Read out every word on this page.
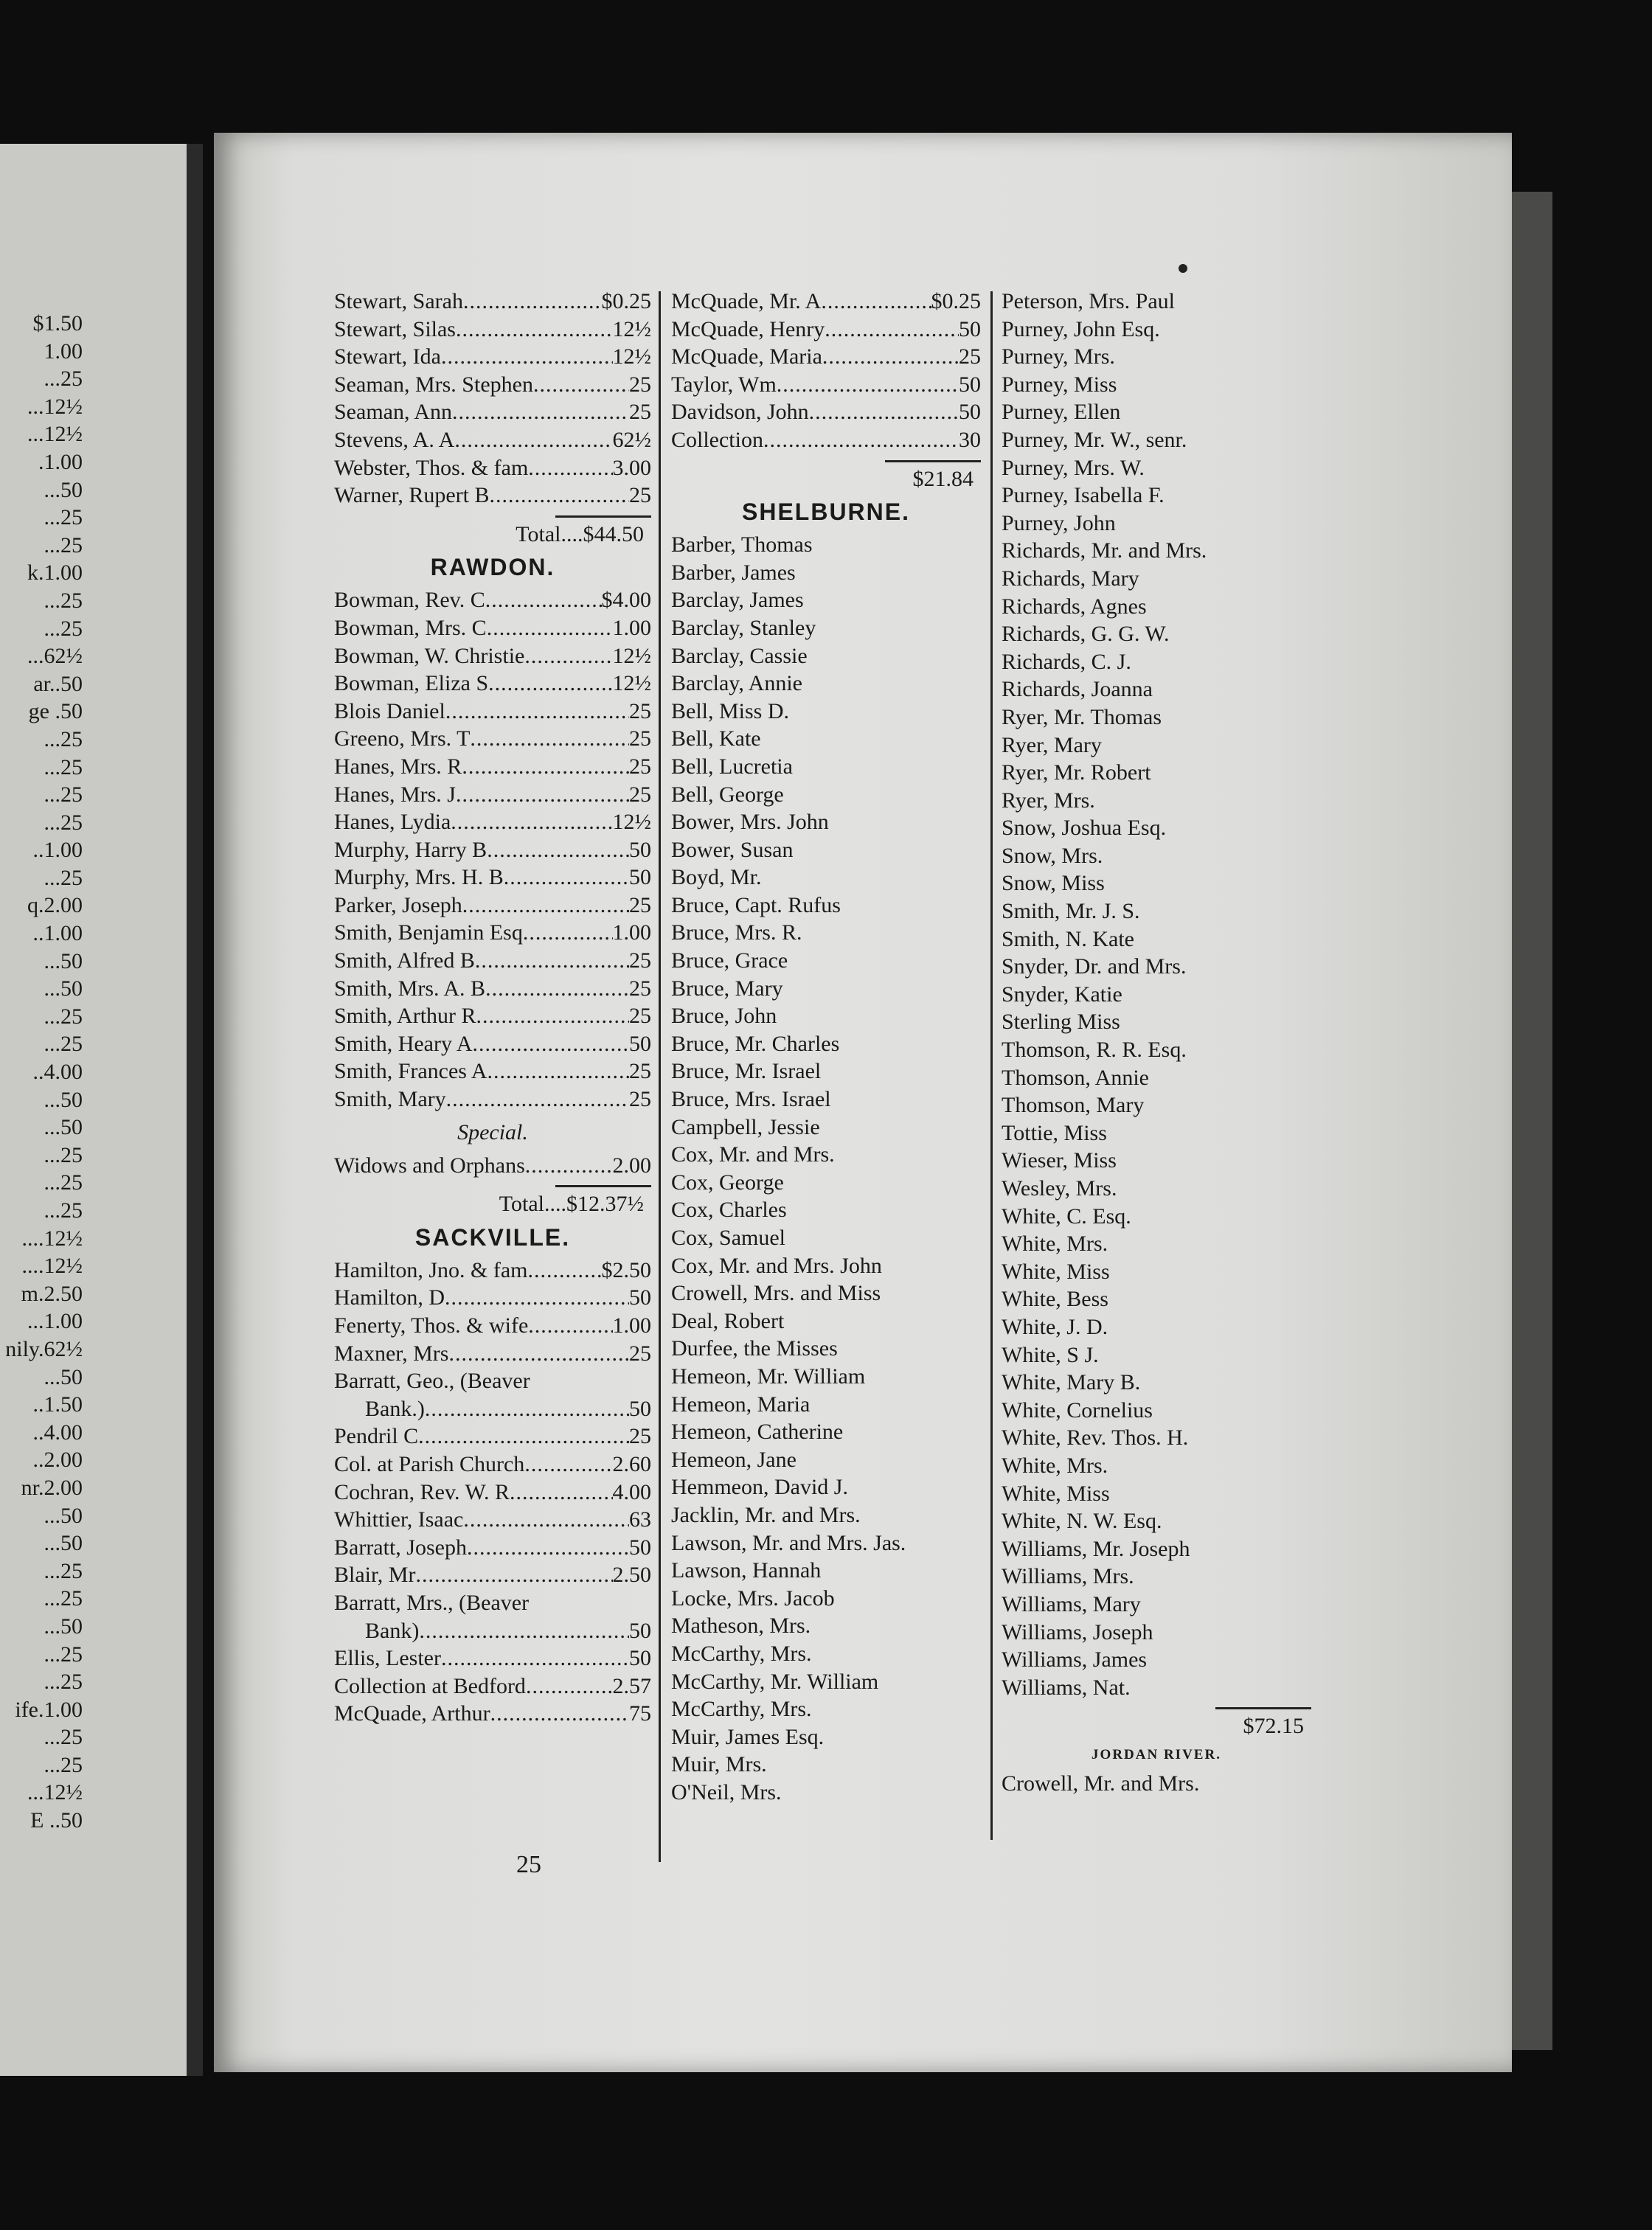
$1.50
1.00
...25
...12½
...12½
.1.00
...50
...25
...25
k.1.00
...25
...25
...62½
ar..50
ge .50
...25
...25
...25
...25
..1.00
...25
q.2.00
..1.00
...50
...50
...25
...25
..4.00
...50
...50
...25
...25
...25
....12½
....12½
m.2.50
...1.00
nily.62½
...50
..1.50
..4.00
..2.00
nr.2.00
...50
...50
...25
...25
...50
...25
...25
ife.1.00
...25
...25
...12½
E ..50
Stewart, Sarah .....	$0.25
Stewart, Silas .....	12½
Stewart, Ida .....	12½
Seaman, Mrs. Stephen .....	25
Seaman, Ann .....	25
Stevens, A. A .....	62½
Webster, Thos. & fam .....	3.00
Warner, Rupert B .....	25
Total....$44.50
RAWDON.
Bowman, Rev. C .....	$4.00
Bowman, Mrs. C .....	1.00
Bowman, W. Christie .....	12½
Bowman, Eliza S .....	12½
Blois Daniel .....	25
Greeno, Mrs. T .....	25
Hanes, Mrs. R .....	25
Hanes, Mrs. J .....	25
Hanes, Lydia .....	12½
Murphy, Harry B .....	50
Murphy, Mrs. H. B .....	50
Parker, Joseph .....	25
Smith, Benjamin Esq .....	1.00
Smith, Alfred B .....	25
Smith, Mrs. A. B .....	25
Smith, Arthur R .....	25
Smith, Heary A .....	50
Smith, Frances A .....	25
Smith, Mary .....	25
Special.
Widows and Orphans .....	2.00
Total....$12.37½
SACKVILLE.
Hamilton, Jno. & fam .....	$2.50
Hamilton, D .....	50
Fenerty, Thos. & wife .....	1.00
Maxner, Mrs .....	25
Barratt, Geo., (Beaver
Bank.) .....	50
Pendril C .....	25
Col. at Parish Church .....	2.60
Cochran, Rev. W. R .....	4.00
Whittier, Isaac .....	63
Barratt, Joseph .....	50
Blair, Mr .....	2.50
Barratt, Mrs., (Beaver
Bank) .....	50
Ellis, Lester .....	50
Collection at Bedford .....	2.57
McQuade, Arthur .....	75
McQuade, Mr. A .....	$0.25
McQuade, Henry .....	50
McQuade, Maria .....	25
Taylor, Wm .....	50
Davidson, John .....	50
Collection .....	30
$21.84
SHELBURNE.
Barber, Thomas
Barber, James
Barclay, James
Barclay, Stanley
Barclay, Cassie
Barclay, Annie
Bell, Miss D.
Bell, Kate
Bell, Lucretia
Bell, George
Bower, Mrs. John
Bower, Susan
Boyd, Mr.
Bruce, Capt. Rufus
Bruce, Mrs. R.
Bruce, Grace
Bruce, Mary
Bruce, John
Bruce, Mr. Charles
Bruce, Mr. Israel
Bruce, Mrs. Israel
Campbell, Jessie
Cox, Mr. and Mrs.
Cox, George
Cox, Charles
Cox, Samuel
Cox, Mr. and Mrs. John
Crowell, Mrs. and Miss
Deal, Robert
Durfee, the Misses
Hemeon, Mr. William
Hemeon, Maria
Hemeon, Catherine
Hemeon, Jane
Hemmeon, David J.
Jacklin, Mr. and Mrs.
Lawson, Mr. and Mrs. Jas.
Lawson, Hannah
Locke, Mrs. Jacob
Matheson, Mrs.
McCarthy, Mrs.
McCarthy, Mr. William
McCarthy, Mrs.
Muir, James Esq.
Muir, Mrs.
O'Neil, Mrs.
Peterson, Mrs. Paul
Purney, John Esq.
Purney, Mrs.
Purney, Miss
Purney, Ellen
Purney, Mr. W., senr.
Purney, Mrs. W.
Purney, Isabella F.
Purney, John
Richards, Mr. and Mrs.
Richards, Mary
Richards, Agnes
Richards, G. G. W.
Richards, C. J.
Richards, Joanna
Ryer, Mr. Thomas
Ryer, Mary
Ryer, Mr. Robert
Ryer, Mrs.
Snow, Joshua Esq.
Snow, Mrs.
Snow, Miss
Smith, Mr. J. S.
Smith, N. Kate
Snyder, Dr. and Mrs.
Snyder, Katie
Sterling Miss
Thomson, R. R. Esq.
Thomson, Annie
Thomson, Mary
Tottie, Miss
Wieser, Miss
Wesley, Mrs.
White, C. Esq.
White, Mrs.
White, Miss
White, Bess
White, J. D.
White, S J.
White, Mary B.
White, Cornelius
White, Rev. Thos. H.
White, Mrs.
White, Miss
White, N. W. Esq.
Williams, Mr. Joseph
Williams, Mrs.
Williams, Mary
Williams, Joseph
Williams, James
Williams, Nat.
$72.15
JORDAN RIVER.
Crowell, Mr. and Mrs.
25
